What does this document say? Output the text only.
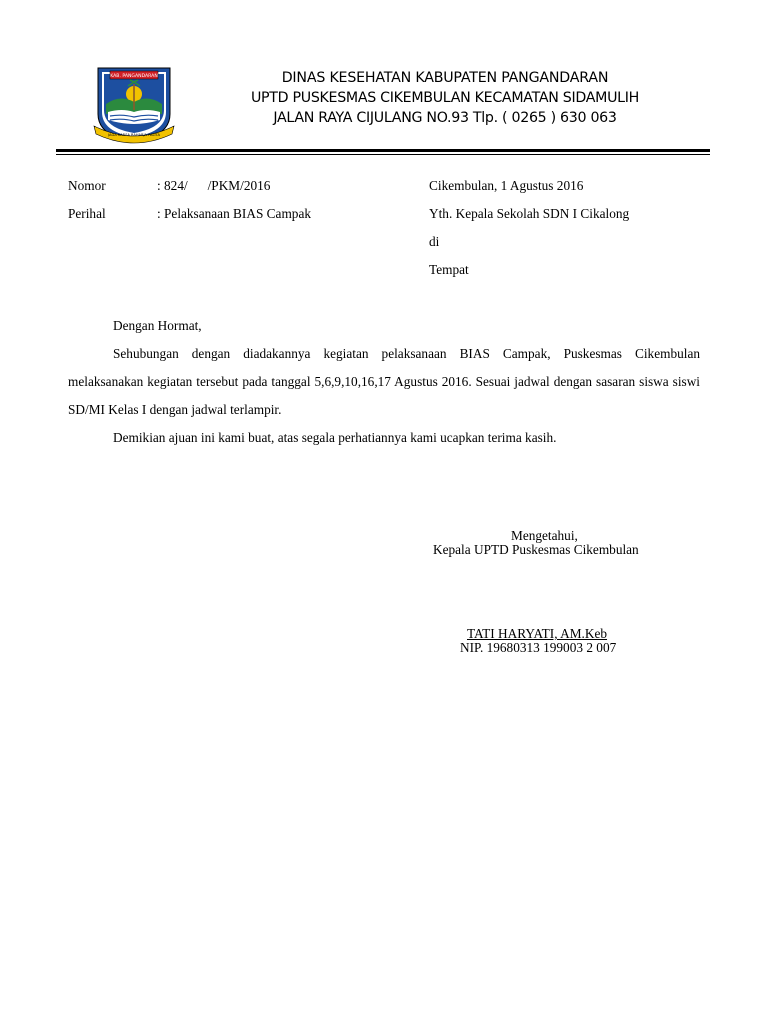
KAB. PANGANDARAN
JAGA KARSA RAHARJA PALITA
DINAS KESEHATAN KABUPATEN PANGANDARAN
UPTD PUSKESMAS CIKEMBULAN KECAMATAN SIDAMULIH
JALAN RAYA CIJULANG NO.93 Tlp. ( 0265 ) 630 063
Nomor	: 824/      /PKM/2016	Cikembulan, 1 Agustus 2016
Perihal	: Pelaksanaan BIAS Campak	Yth. Kepala Sekolah SDN I Cikalong
di
Tempat
Dengan Hormat,
Sehubungan dengan diadakannya kegiatan pelaksanaan BIAS Campak, Puskesmas Cikembulan melaksanakan kegiatan tersebut pada tanggal 5,6,9,10,16,17 Agustus 2016. Sesuai jadwal dengan sasaran siswa siswi SD/MI Kelas I dengan jadwal terlampir.
Demikian ajuan ini kami buat, atas segala perhatiannya kami ucapkan terima kasih.
Mengetahui,
Kepala UPTD Puskesmas Cikembulan
TATI HARYATI, AM.Keb
NIP. 19680313 199003 2 007
